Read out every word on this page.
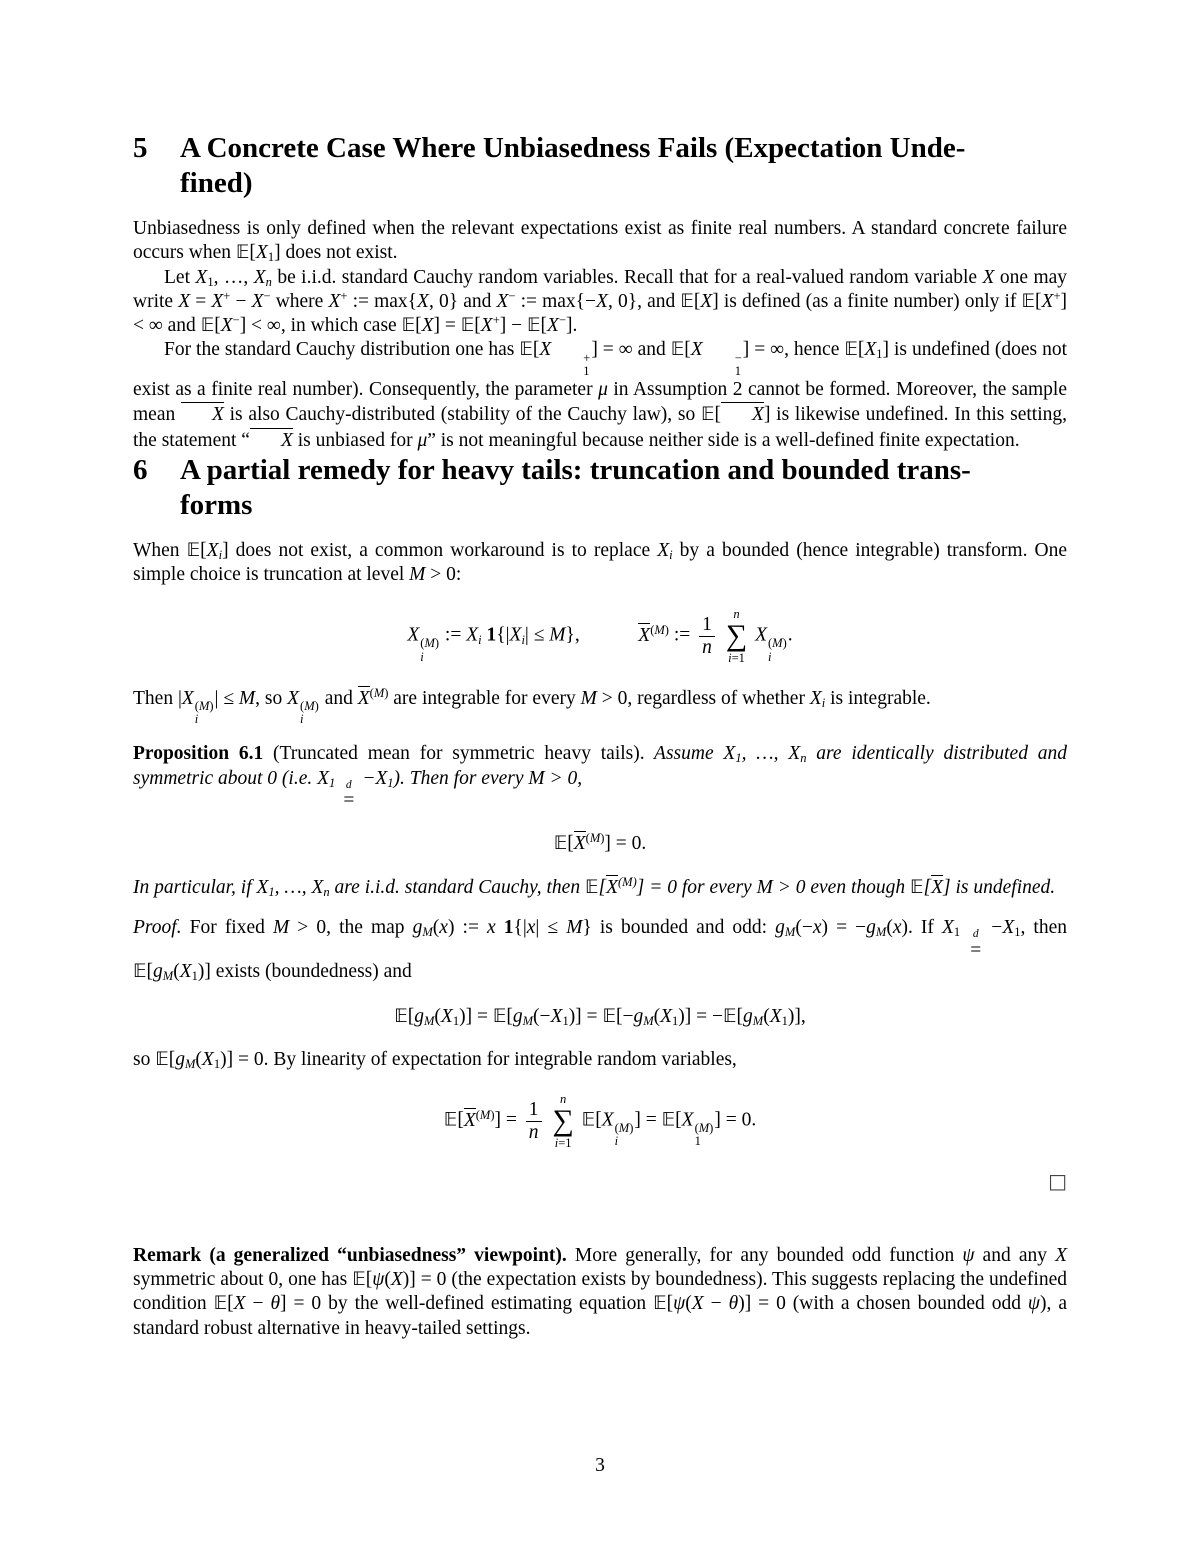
5	A Concrete Case Where Unbiasedness Fails (Expectation Unde-
fined)

Unbiasedness is only defined when the relevant expectations exist as finite real numbers. A standard concrete failure occurs when $𝔼[X_1]$ does not exist.

Let $X_1$, …, $X_n$ be i.i.d. standard Cauchy random variables. Recall that for a real-valued random variable X one may write X = X+ − X− where X+ := max{X, 0} and X− := max{−X, 0}, and 𝔼[X] is defined (as a finite number) only if 𝔼[X+] < ∞ and 𝔼[X−] < ∞, in which case 𝔼[X] = 𝔼[X+] − 𝔼[X−].

For the standard Cauchy distribution one has 𝔼[X	+
1
] = ∞ and 𝔼[X	−
1
] = ∞, hence $𝔼[X_1]$ is undefined (does not exist as a finite real number). Consequently, the parameter μ in Assumption 2 cannot be formed. Moreover, the sample mean X is also Cauchy-distributed (stability of the Cauchy law), so 𝔼[ X] is likewise undefined. In this setting, the statement “ X is unbiased for μ” is not meaningful because neither side is a well-defined finite expectation.

6	A partial remedy for heavy tails: truncation and bounded trans-
forms

When $𝔼[X_i]$ does not exist, a common workaround is to replace $X_i$ by a bounded (hence integrable) transform. One simple choice is truncation at level M > 0:

X (M)
i
:= $X_i$ $1\{|X_i| \le M\}$,   $X^{(M)}$ := $\frac{1}{n}$
  n
∑
i=1
X (M)
i
.

Then |X (M)
i
| ≤ M, so X (M)
i
and $X^{(M)}$ are integrable for every M > 0, regardless of whether $X_i$ is integrable.

Proposition 6.1 (Truncated mean for symmetric heavy tails). Assume $X_1$, …, $X_n$ are identically distributed and symmetric about 0 (i.e. $X_1$ d
=
$-X_1$). Then for every M > 0,

$𝔼[X^{(M)}] = 0$.

In particular, if $X_1$, …, $X_n$ are i.i.d. standard Cauchy, then $𝔼[X^{(M)}] = 0$ for every M > 0 even though 𝔼[X] is undefined.

Proof. For fixed M > 0, the map $g_M(x)$ := x 1{|x| ≤ M} is bounded and odd: $g_M(-x) = -g_M(x)$. If $X_1$ d
=
$-X_1$, then $𝔼[g_M(X_1)]$ exists (boundedness) and

$𝔼[g_M(X_1)]$ = $𝔼[g_M(-X_1)]$ = $𝔼[-g_M(X_1)]$ = $-𝔼[g_M(X_1)]$,

so $𝔼[g_M(X_1)] = 0$. By linearity of expectation for integrable random variables,

$𝔼[X^{(M)}] = \frac{1}{n}$
  n
∑
i=1
𝔼[X (M)
i
] = 𝔼[X (M)
1
] = 0.
□

Remark (a generalized “unbiasedness” viewpoint). More generally, for any bounded odd function ψ and any X symmetric about 0, one has 𝔼[ψ(X)] = 0 (the expectation exists by boundedness). This suggests replacing the undefined condition 𝔼[X − θ] = 0 by the well-defined estimating equation 𝔼[ψ(X − θ)] = 0 (with a chosen bounded odd ψ), a standard robust alternative in heavy-tailed settings.

3
